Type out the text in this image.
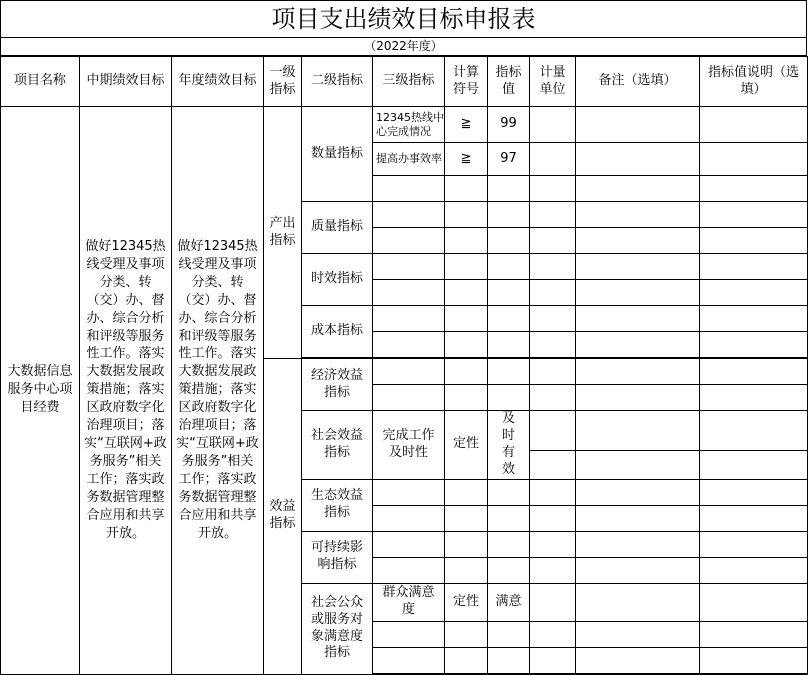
项目支出绩效目标申报表
（2022年度）
项目名称	中期绩效目标	年度绩效目标	一级指标	二级指标	三级指标	计算符号	指标值	计量单位	备注（选填）	指标值说明（选填）

大数据信息服务中心项目经费	做好12345热线受理及事项分类、转（交）办、督办、综合分析和评级等服务性工作。落实大数据发展政策措施；落实区政府数字化治理项目；落实“互联网+政务服务”相关工作；落实政务数据管理整合应用和共享开放。	做好12345热线受理及事项分类、转（交）办、督办、综合分析和评级等服务性工作。落实大数据发展政策措施；落实区政府数字化治理项目；落实“互联网+政务服务”相关工作；落实政务数据管理整合应用和共享开放。	产出指标	数量指标	12345热线中心完成情况	≧	99			
					提高办事效率	≧	97			

				质量指标						

				时效指标						

				成本指标						

			效益指标	经济效益指标						

				社会效益指标	完成工作及时性	定性	及时有效			

				生态效益指标						

				可持续影响指标						

				社会公众或服务对象满意度指标	群众满意度	定性	满意			
